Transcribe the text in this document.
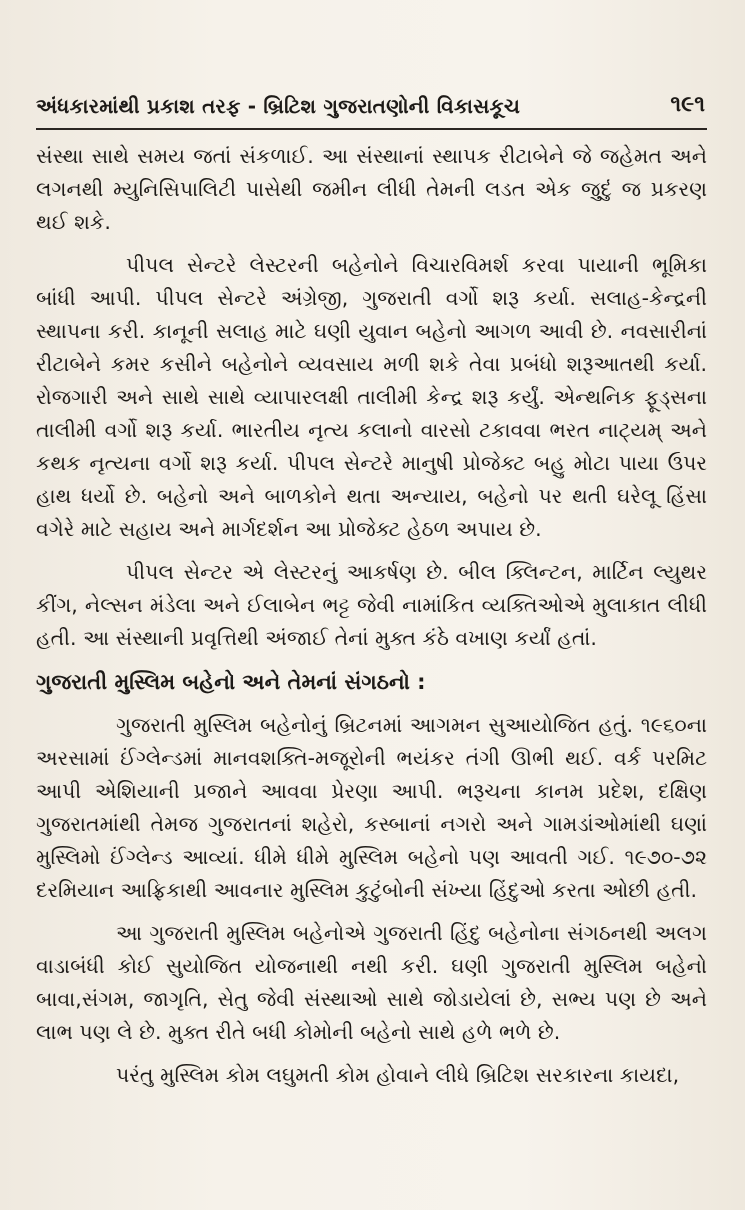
અંધકારમાંથી પ્રકાશ તરફ - બ્રિટિશ ગુજરાતણોની વિકાસકૂચ	૧૯૧

સંસ્થા સાથે સમય જતાં સંકળાઈ. આ સંસ્થાનાં સ્થાપક રીટાબેને જે જહેમત અને લગનથી મ્યુનિસિપાલિટી પાસેથી જમીન લીધી તેમની લડત એક જુદું જ પ્રકરણ થઈ શકે.

પીપલ સેન્ટરે લેસ્ટરની બહેનોને વિચારવિમર્શ કરવા પાયાની ભૂમિકા બાંધી આપી. પીપલ સેન્ટરે અંગ્રેજી, ગુજરાતી વર્ગો શરૂ કર્યા. સલાહ-કેન્દ્રની સ્થાપના કરી. કાનૂની સલાહ માટે ઘણી યુવાન બહેનો આગળ આવી છે. નવસારીનાં રીટાબેને કમર કસીને બહેનોને વ્યવસાય મળી શકે તેવા પ્રબંધો શરૂઆતથી કર્યા. રોજગારી અને સાથે સાથે વ્યાપારલક્ષી તાલીમી કેન્દ્ર શરૂ કર્યું. એન્થનિક ફૂડ્સના તાલીમી વર્ગો શરૂ કર્યા. ભારતીય નૃત્ય કલાનો વારસો ટકાવવા ભરત નાટ્યમ્ અને કથક નૃત્યના વર્ગો શરૂ કર્યા. પીપલ સેન્ટરે માનુષી પ્રોજેક્ટ બહુ મોટા પાયા ઉપર હાથ ધર્યો છે. બહેનો અને બાળકોને થતા અન્યાય, બહેનો પર થતી ઘરેલૂ હિંસા વગેરે માટે સહાય અને માર્ગદર્શન આ પ્રોજેક્ટ હેઠળ અપાય છે.

પીપલ સેન્ટર એ લેસ્ટરનું આકર્ષણ છે. બીલ ક્લિન્ટન, માર્ટિન લ્યુથર કીંગ, નેલ્સન મંડેલા અને ઈલાબેન ભટ્ટ જેવી નામાંકિત વ્યક્તિઓએ મુલાકાત લીધી હતી. આ સંસ્થાની પ્રવૃત્તિથી અંજાઈ તેનાં મુક્ત કંઠે વખાણ કર્યાં હતાં.

ગુજરાતી મુસ્લિમ બહેનો અને તેમનાં સંગઠનો :

ગુજરાતી મુસ્લિમ બહેનોનું બ્રિટનમાં આગમન સુઆયોજિત હતું. ૧૯૬૦ના અરસામાં ઈંગ્લેન્ડમાં માનવશક્તિ-મજૂરોની ભયંકર તંગી ઊભી થઈ. વર્ક પરમિટ આપી એશિયાની પ્રજાને આવવા પ્રેરણા આપી. ભરૂચના કાનમ પ્રદેશ, દક્ષિણ ગુજરાતમાંથી તેમજ ગુજરાતનાં શહેરો, કસ્બાનાં નગરો અને ગામડાંઓમાંથી ઘણાં મુસ્લિમો ઈંગ્લેન્ડ આવ્યાં. ધીમે ધીમે મુસ્લિમ બહેનો પણ આવતી ગઈ. ૧૯૭૦-૭૨ દરમિયાન આફ્રિકાથી આવનાર મુસ્લિમ કુટુંબોની સંખ્યા હિંદુઓ કરતા ઓછી હતી.

આ ગુજરાતી મુસ્લિમ બહેનોએ ગુજરાતી હિંદુ બહેનોના સંગઠનથી અલગ વાડાબંધી કોઈ સુયોજિત યોજનાથી નથી કરી. ઘણી ગુજરાતી મુસ્લિમ બહેનો બાવા,સંગમ, જાગૃતિ, સેતુ જેવી સંસ્થાઓ સાથે જોડાયેલાં છે, સભ્ય પણ છે અને લાભ પણ લે છે. મુક્ત રીતે બધી કોમોની બહેનો સાથે હળે ભળે છે.

પરંતુ મુસ્લિમ કોમ લઘુમતી કોમ હોવાને લીધે બ્રિટિશ સરકારના કાયદા,
